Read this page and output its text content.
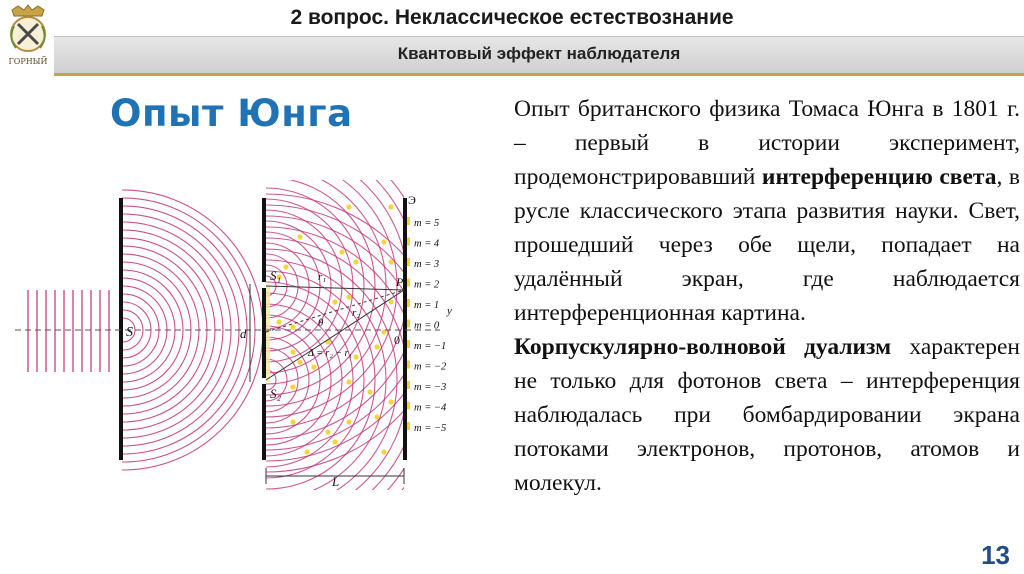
ГОРНЫЙ
2 вопрос. Неклассическое естествознание
Квантовый эффект наблюдателя
Опыт Юнга
S
S₁
S₂
d
L
Э
P
0
r₁
r₂
θ
Δ = r₂ − r₁
y
m = 5
m = 4
m = 3
m = 2
m = 1
m = 0
m = −1
m = −2
m = −3
m = −4
m = −5

Опыт британского физика Томаса Юнга в 1801 г. – первый в истории эксперимент, продемонстрировавший интерференцию света, в русле классического этапа развития науки. Свет, прошедший через обе щели, попадает на удалённый экран, где наблюдается интерференционная картина.

Корпускулярно-волновой дуализм характерен не только для фотонов света – интерференция наблюдалась при бомбардировании экрана потоками электронов, протонов, атомов и молекул.

13
